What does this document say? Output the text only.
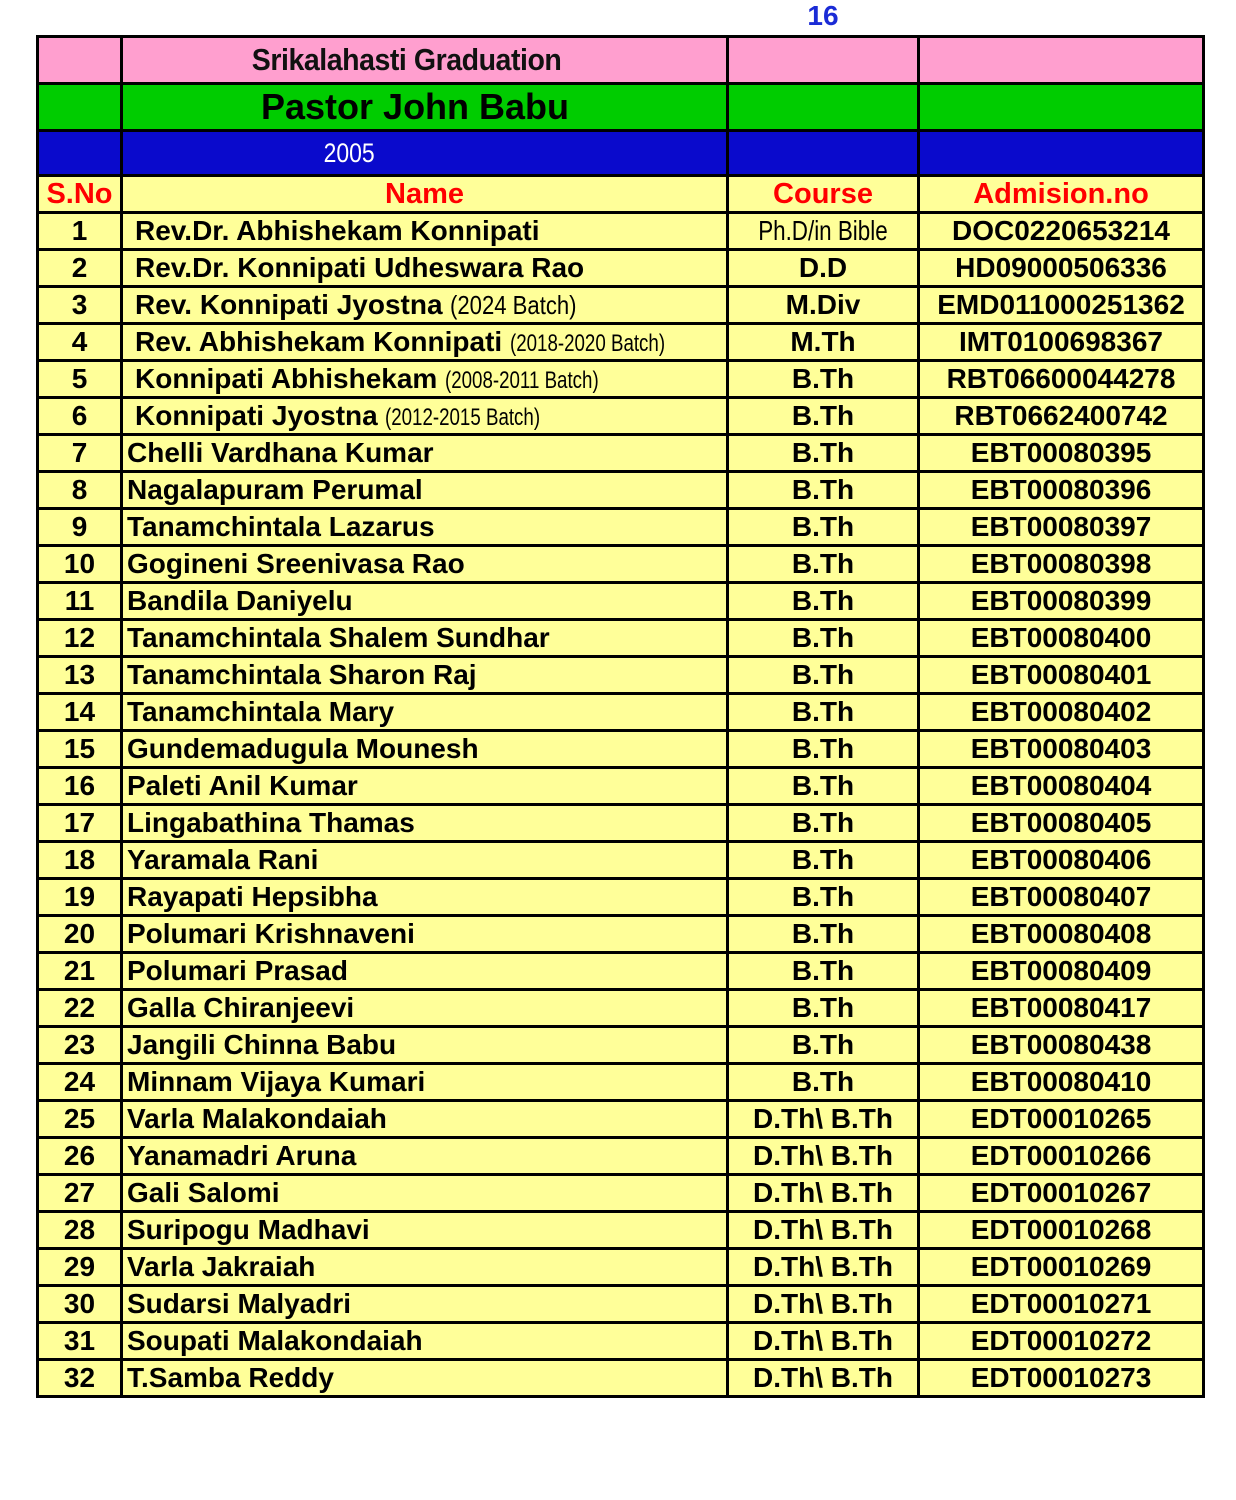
16
	Srikalahasti Graduation		
	Pastor John Babu		
	2005		
S.No	Name	Course	Admision.no
1	Rev.Dr. Abhishekam Konnipati	Ph.D/in Bible	DOC0220653214
2	Rev.Dr. Konnipati Udheswara Rao	D.D	HD09000506336
3	Rev. Konnipati Jyostna (2024 Batch)	M.Div	EMD011000251362
4	Rev. Abhishekam Konnipati (2018-2020 Batch)	M.Th	IMT0100698367
5	Konnipati Abhishekam (2008-2011 Batch)	B.Th	RBT06600044278
6	Konnipati Jyostna (2012-2015 Batch)	B.Th	RBT0662400742
7	Chelli Vardhana Kumar	B.Th	EBT00080395
8	Nagalapuram Perumal	B.Th	EBT00080396
9	Tanamchintala Lazarus	B.Th	EBT00080397
10	Gogineni Sreenivasa Rao	B.Th	EBT00080398
11	Bandila Daniyelu	B.Th	EBT00080399
12	Tanamchintala Shalem Sundhar	B.Th	EBT00080400
13	Tanamchintala Sharon Raj	B.Th	EBT00080401
14	Tanamchintala Mary	B.Th	EBT00080402
15	Gundemadugula Mounesh	B.Th	EBT00080403
16	Paleti Anil Kumar	B.Th	EBT00080404
17	Lingabathina Thamas	B.Th	EBT00080405
18	Yaramala Rani	B.Th	EBT00080406
19	Rayapati Hepsibha	B.Th	EBT00080407
20	Polumari Krishnaveni	B.Th	EBT00080408
21	Polumari Prasad	B.Th	EBT00080409
22	Galla Chiranjeevi	B.Th	EBT00080417
23	Jangili Chinna Babu	B.Th	EBT00080438
24	Minnam Vijaya Kumari	B.Th	EBT00080410
25	Varla Malakondaiah	D.Th\ B.Th	EDT00010265
26	Yanamadri Aruna	D.Th\ B.Th	EDT00010266
27	Gali Salomi	D.Th\ B.Th	EDT00010267
28	Suripogu Madhavi	D.Th\ B.Th	EDT00010268
29	Varla Jakraiah	D.Th\ B.Th	EDT00010269
30	Sudarsi Malyadri	D.Th\ B.Th	EDT00010271
31	Soupati Malakondaiah	D.Th\ B.Th	EDT00010272
32	T.Samba Reddy	D.Th\ B.Th	EDT00010273
